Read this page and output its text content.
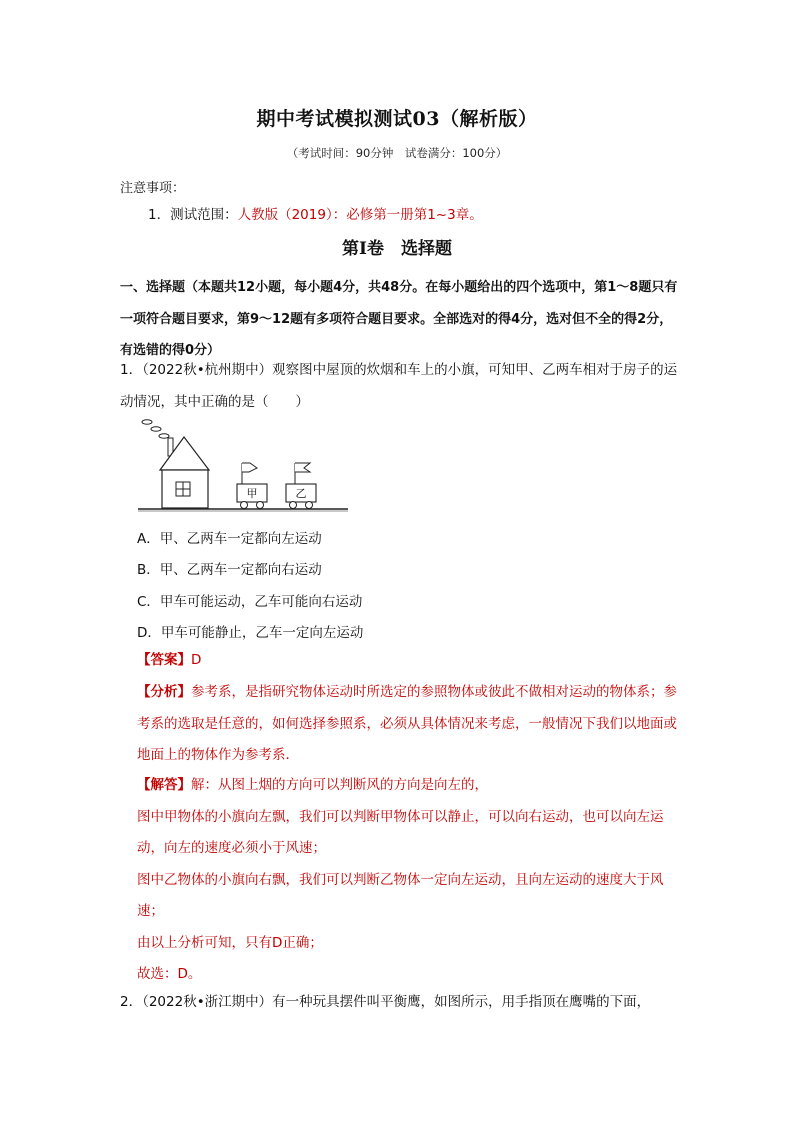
期中考试模拟测试03（解析版）
（考试时间：90分钟　试卷满分：100分）
注意事项：
1．测试范围：人教版（2019）：必修第一册第1~3章。
第Ⅰ卷　选择题
一、选择题（本题共12小题，每小题4分，共48分。在每小题给出的四个选项中，第1～8题只有一项符合题目要求，第9～12题有多项符合题目要求。全部选对的得4分，选对但不全的得2分，有选错的得0分）
1．（2022秋•杭州期中）观察图中屋顶的炊烟和车上的小旗，可知甲、乙两车相对于房子的运动情况，其中正确的是（　　）
甲	乙
A．甲、乙两车一定都向左运动
B．甲、乙两车一定都向右运动
C．甲车可能运动，乙车可能向右运动
D．甲车可能静止，乙车一定向左运动
【答案】D
【分析】参考系，是指研究物体运动时所选定的参照物体或彼此不做相对运动的物体系；参考系的选取是任意的，如何选择参照系，必须从具体情况来考虑，一般情况下我们以地面或地面上的物体作为参考系．
【解答】解：从图上烟的方向可以判断风的方向是向左的，
图中甲物体的小旗向左飘，我们可以判断甲物体可以静止，可以向右运动，也可以向左运动，向左的速度必须小于风速；
图中乙物体的小旗向右飘，我们可以判断乙物体一定向左运动，且向左运动的速度大于风速；
由以上分析可知，只有D正确；
故选：D。
2．（2022秋•浙江期中）有一种玩具摆件叫平衡鹰，如图所示，用手指顶在鹰嘴的下面，
